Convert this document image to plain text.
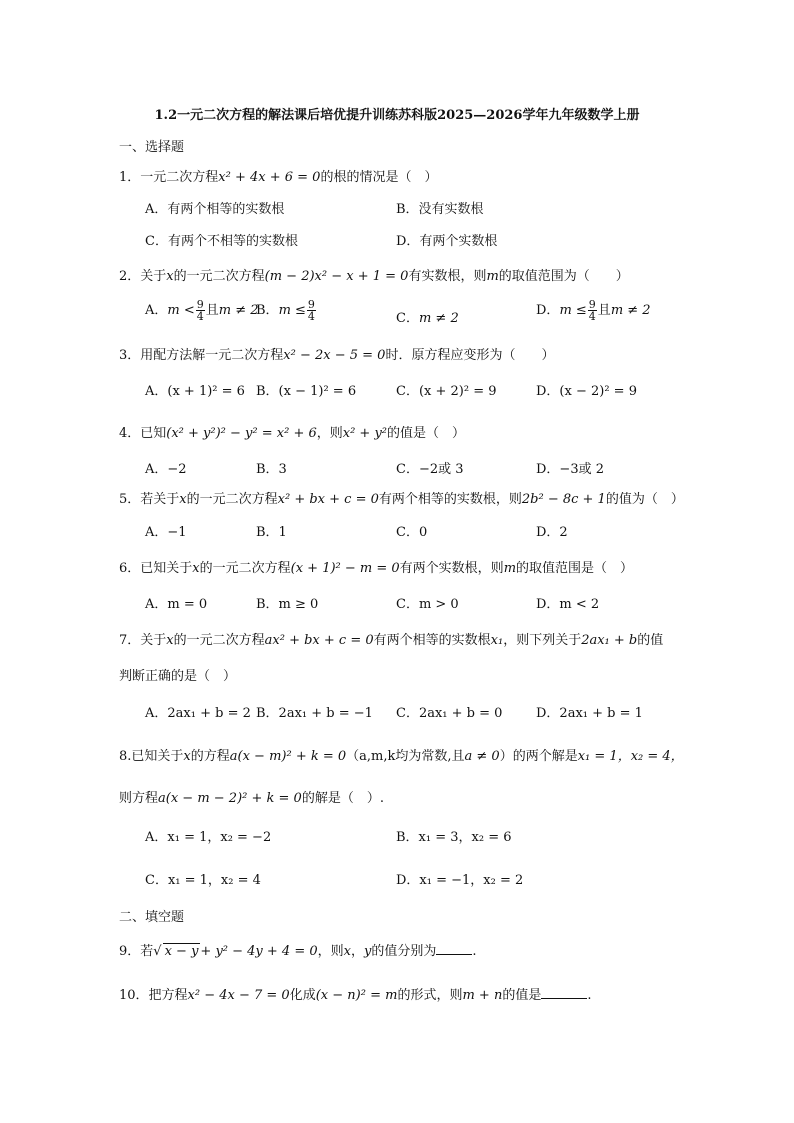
1.2一元二次方程的解法课后培优提升训练苏科版2025—2026学年九年级数学上册
一、选择题
1．一元二次方程x² + 4x + 6 = 0的根的情况是（　）
A．有两个相等的实数根	B．没有实数根
C．有两个不相等的实数根	D．有两个实数根
2．关于x的一元二次方程(m − 2)x² − x + 1 = 0有实数根，则m的取值范围为（　　）
A．$m < \frac{9}{4}$ 且m ≠ 2
B．$m \le \frac{9}{4}$	C．m ≠ 2
D．$m \le \frac{9}{4}$ 且m ≠ 2
3．用配方法解一元二次方程x² − 2x − 5 = 0时．原方程应变形为（　　）
A．(x + 1)² = 6 B．(x − 1)² = 6	C．(x + 2)² = 9	D．(x − 2)² = 9
4．已知(x² + y²)² − y² = x² + 6，则x² + y²的值是（　）
A．−2	B．3	C．−2或 3	D．−3或 2
5．若关于x的一元二次方程x² + bx + c = 0有两个相等的实数根，则2b² − 8c + 1的值为（　）
A．−1	B．1	C．0	D．2
6．已知关于x的一元二次方程(x + 1)² − m = 0有两个实数根，则m的取值范围是（　）
A．m = 0	B．m ≥ 0	C．m > 0	D．m < 2
7．关于x的一元二次方程ax² + bx + c = 0有两个相等的实数根x₁，则下列关于2ax₁ + b的值
判断正确的是（　）
A．2ax₁ + b = 2 B．2ax₁ + b = −1 C．2ax₁ + b = 0	D．2ax₁ + b = 1
8.已知关于x的方程a(x − m)² + k = 0（a,m,k均为常数,且a ≠ 0）的两个解是x₁ = 1，x₂ = 4，
则方程a(x − m − 2)² + k = 0的解是（　）.
A．x₁ = 1，x₂ = −2	B．x₁ = 3，x₂ = 6
C．x₁ = 1，x₂ = 4	D．x₁ = −1，x₂ = 2
二、填空题
9．若√ x − y + y² − 4y + 4 = 0，则x，y的值分别为	.
10．把方程x² − 4x − 7 = 0化成(x − n)² = m的形式，则m + n的值是	.
